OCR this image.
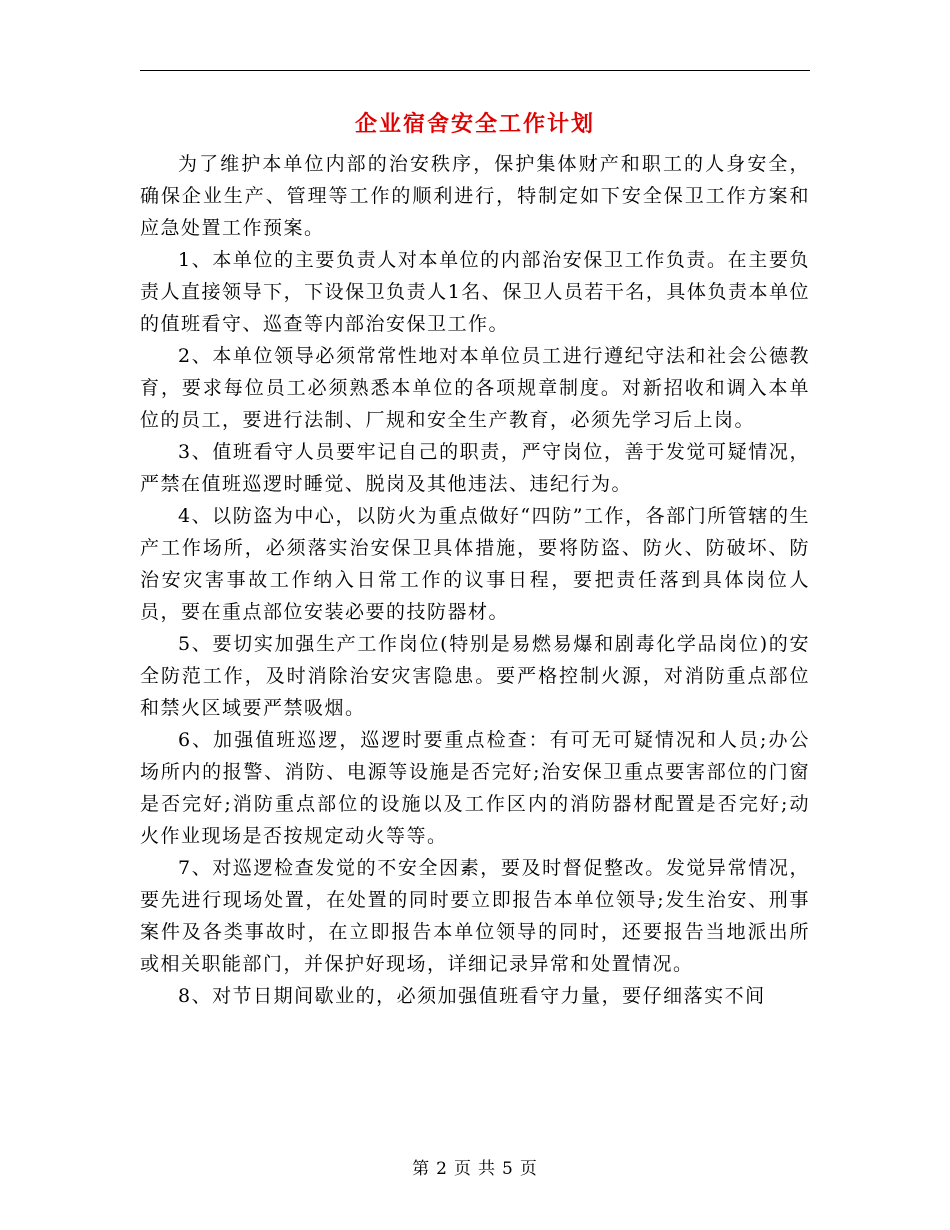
企业宿舍安全工作计划

为了维护本单位内部的治安秩序，保护集体财产和职工的人身安全，确保企业生产、管理等工作的顺利进行，特制定如下安全保卫工作方案和应急处置工作预案。

1、本单位的主要负责人对本单位的内部治安保卫工作负责。在主要负责人直接领导下，下设保卫负责人1名、保卫人员若干名，具体负责本单位的值班看守、巡查等内部治安保卫工作。

2、本单位领导必须常常性地对本单位员工进行遵纪守法和社会公德教育，要求每位员工必须熟悉本单位的各项规章制度。对新招收和调入本单位的员工，要进行法制、厂规和安全生产教育，必须先学习后上岗。

3、值班看守人员要牢记自己的职责，严守岗位，善于发觉可疑情况，严禁在值班巡逻时睡觉、脱岗及其他违法、违纪行为。

4、以防盗为中心，以防火为重点做好“四防”工作，各部门所管辖的生产工作场所，必须落实治安保卫具体措施，要将防盗、防火、防破坏、防治安灾害事故工作纳入日常工作的议事日程，要把责任落到具体岗位人员，要在重点部位安装必要的技防器材。

5、要切实加强生产工作岗位(特别是易燃易爆和剧毒化学品岗位)的安全防范工作，及时消除治安灾害隐患。要严格控制火源，对消防重点部位和禁火区域要严禁吸烟。

6、加强值班巡逻，巡逻时要重点检查：有可无可疑情况和人员;办公场所内的报警、消防、电源等设施是否完好;治安保卫重点要害部位的门窗是否完好;消防重点部位的设施以及工作区内的消防器材配置是否完好;动火作业现场是否按规定动火等等。

7、对巡逻检查发觉的不安全因素，要及时督促整改。发觉异常情况，要先进行现场处置，在处置的同时要立即报告本单位领导;发生治安、刑事案件及各类事故时，在立即报告本单位领导的同时，还要报告当地派出所或相关职能部门，并保护好现场，详细记录异常和处置情况。

8、对节日期间歇业的，必须加强值班看守力量，要仔细落实不间

第 2 页 共 5 页
